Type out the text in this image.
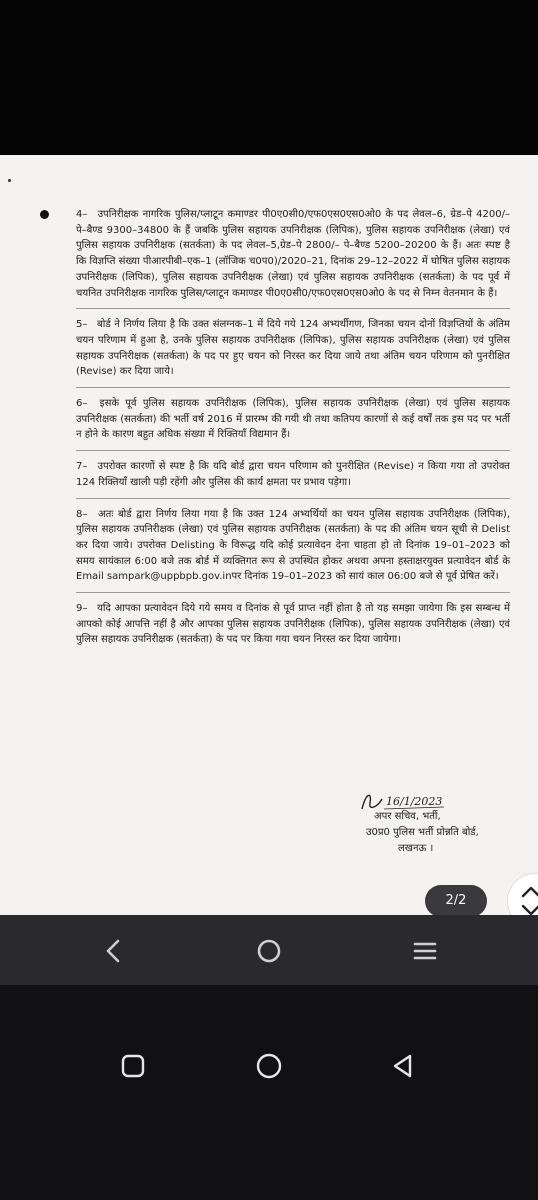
4– उपनिरीक्षक नागरिक पुलिस/प्लाटून कमाण्डर पी0ए0सी0/एफ0एस0एस0ओ0 के पद लेवल–6, ग्रेड–पे 4200/– पे–बैण्ड 9300–34800 के हैं जबकि पुलिस सहायक उपनिरीक्षक (लिपिक), पुलिस सहायक उपनिरीक्षक (लेखा) एवं पुलिस सहायक उपनिरीक्षक (सतर्कता) के पद लेवल–5,ग्रेड–पे 2800/– पे–बैण्ड 5200–20200 के हैं। अतः स्पष्ट है कि विज्ञप्ति संख्या पीआरपीबी–एक–1 (लॉजिक च0प0)/2020–21, दिनांक 29–12–2022 में घोषित पुलिस सहायक उपनिरीक्षक (लिपिक), पुलिस सहायक उपनिरीक्षक (लेखा) एवं पुलिस सहायक उपनिरीक्षक (सतर्कता) के पद पूर्व में चयनित उपनिरीक्षक नागरिक पुलिस/प्लाटून कमाण्डर पी0ए0सी0/एफ0एस0एस0ओ0 के पद से निम्न वेतनमान के हैं।

5– बोर्ड ने निर्णय लिया है कि उक्त संलग्नक–1 में दिये गये 124 अभ्यर्थीगण, जिनका चयन दोनों विज्ञप्तियों के अंतिम चयन परिणाम में हुआ है, उनके पुलिस सहायक उपनिरीक्षक (लिपिक), पुलिस सहायक उपनिरीक्षक (लेखा) एवं पुलिस सहायक उपनिरीक्षक (सतर्कता) के पद पर हुए चयन को निरस्त कर दिया जाये तथा अंतिम चयन परिणाम को पुनरीक्षित (Revise) कर दिया जाये।

6– इसके पूर्व पुलिस सहायक उपनिरीक्षक (लिपिक), पुलिस सहायक उपनिरीक्षक (लेखा) एवं पुलिस सहायक उपनिरीक्षक (सतर्कता) की भर्ती वर्ष 2016 में प्रारम्भ की गयी थी तथा कतिपय कारणों से कई वर्षों तक इस पद पर भर्ती न होने के कारण बहुत अधिक संख्या में रिक्तियॉं विद्यमान हैं।

7– उपरोक्त कारणों से स्पष्ट है कि यदि बोर्ड द्वारा चयन परिणाम को पुनरीक्षित (Revise) न किया गया तो उपरोक्त 124 रिक्तियॉं खाली पड़ी रहेंगी और पुलिस की कार्य क्षमता पर प्रभाव पड़ेगा।

8– अतः बोर्ड द्वारा निर्णय लिया गया है कि उक्त 124 अभ्यर्थियों का चयन पुलिस सहायक उपनिरीक्षक (लिपिक), पुलिस सहायक उपनिरीक्षक (लेखा) एवं पुलिस सहायक उपनिरीक्षक (सतर्कता) के पद की अंतिम चयन सूची से Delist कर दिया जाये। उपरोक्त Delisting के विरूद्ध यदि कोई प्रत्यावेदन देना चाहता हो तो दिनांक 19–01–2023 को समय सायंकाल 6:00 बजे तक बोर्ड में व्यक्तिगत रूप से उपस्थित होकर अथवा अपना हस्ताक्षरयुक्त प्रत्यावेदन बोर्ड के Email sampark@uppbpb.gov.inपर दिनांक 19–01–2023 को सायं काल 06:00 बजे से पूर्व प्रेषित करें।

9– यदि आपका प्रत्यावेदन दिये गये समय व दिनांक से पूर्व प्राप्त नहीं होता है तो यह समझा जायेगा कि इस सम्बन्ध में आपको कोई आपत्ति नहीं है और आपका पुलिस सहायक उपनिरीक्षक (लिपिक), पुलिस सहायक उपनिरीक्षक (लेखा) एवं पुलिस सहायक उपनिरीक्षक (सतर्कता) के पद पर किया गया चयन निरस्त कर दिया जायेगा।

16/1/2023
अपर सचिव, भर्ती,
उ0प्र0 पुलिस भर्ती प्रोन्नति बोर्ड,
लखनऊ ।
2/2
